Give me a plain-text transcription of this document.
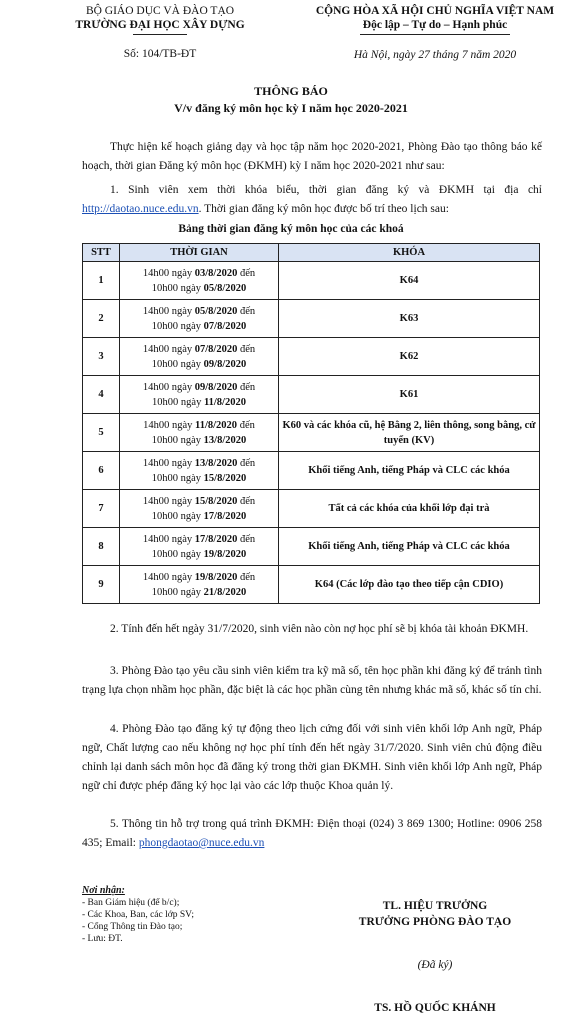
BỘ GIÁO DỤC VÀ ĐÀO TẠO
TRƯỜNG ĐẠI HỌC XÂY DỰNG
Số: 104/TB-ĐT
CỘNG HÒA XÃ HỘI CHỦ NGHĨA VIỆT NAM
Độc lập – Tự do – Hạnh phúc
Hà Nội, ngày 27 tháng 7 năm 2020
THÔNG BÁO
V/v đăng ký môn học kỳ I năm học 2020-2021
Thực hiện kế hoạch giảng dạy và học tập năm học 2020-2021, Phòng Đào tạo thông báo kế hoạch, thời gian Đăng ký môn học (ĐKMH) kỳ I năm học 2020-2021 như sau:
1. Sinh viên xem thời khóa biểu, thời gian đăng ký và ĐKMH tại địa chỉ http://daotao.nuce.edu.vn. Thời gian đăng ký môn học được bố trí theo lịch sau:
Bảng thời gian đăng ký môn học của các khoá
STT	THỜI GIAN	KHÓA
1	14h00 ngày 03/8/2020 đến
10h00 ngày 05/8/2020	K64
2	14h00 ngày 05/8/2020 đến
10h00 ngày 07/8/2020	K63
3	14h00 ngày 07/8/2020 đến
10h00 ngày 09/8/2020	K62
4	14h00 ngày 09/8/2020 đến
10h00 ngày 11/8/2020	K61
5	14h00 ngày 11/8/2020 đến
10h00 ngày 13/8/2020	K60 và các khóa cũ, hệ Bằng 2, liên thông, song bằng, cử tuyển (KV)
6	14h00 ngày 13/8/2020 đến
10h00 ngày 15/8/2020	Khối tiếng Anh, tiếng Pháp và CLC các khóa
7	14h00 ngày 15/8/2020 đến
10h00 ngày 17/8/2020	Tất cả các khóa của khối lớp đại trà
8	14h00 ngày 17/8/2020 đến
10h00 ngày 19/8/2020	Khối tiếng Anh, tiếng Pháp và CLC các khóa
9	14h00 ngày 19/8/2020 đến
10h00 ngày 21/8/2020	K64 (Các lớp đào tạo theo tiếp cận CDIO)
2. Tính đến hết ngày 31/7/2020, sinh viên nào còn nợ học phí sẽ bị khóa tài khoản ĐKMH.
3. Phòng Đào tạo yêu cầu sinh viên kiểm tra kỹ mã số, tên học phần khi đăng ký để tránh tình trạng lựa chọn nhầm học phần, đặc biệt là các học phần cùng tên nhưng khác mã số, khác số tín chỉ.
4. Phòng Đào tạo đăng ký tự động theo lịch cứng đối với sinh viên khối lớp Anh ngữ, Pháp ngữ, Chất lượng cao nếu không nợ học phí tính đến hết ngày 31/7/2020. Sinh viên chủ động điều chỉnh lại danh sách môn học đã đăng ký trong thời gian ĐKMH. Sinh viên khối lớp Anh ngữ, Pháp ngữ chỉ được phép đăng ký học lại vào các lớp thuộc Khoa quản lý.
5. Thông tin hỗ trợ trong quá trình ĐKMH: Điện thoại (024) 3 869 1300; Hotline: 0906 258 435; Email: phongdaotao@nuce.edu.vn
Nơi nhận:
- Ban Giám hiệu (để b/c);
- Các Khoa, Ban, các lớp SV;
- Cổng Thông tin Đào tạo;
- Lưu: ĐT.
TL. HIỆU TRƯỞNG
TRƯỞNG PHÒNG ĐÀO TẠO
(Đã ký)
TS. HỒ QUỐC KHÁNH
